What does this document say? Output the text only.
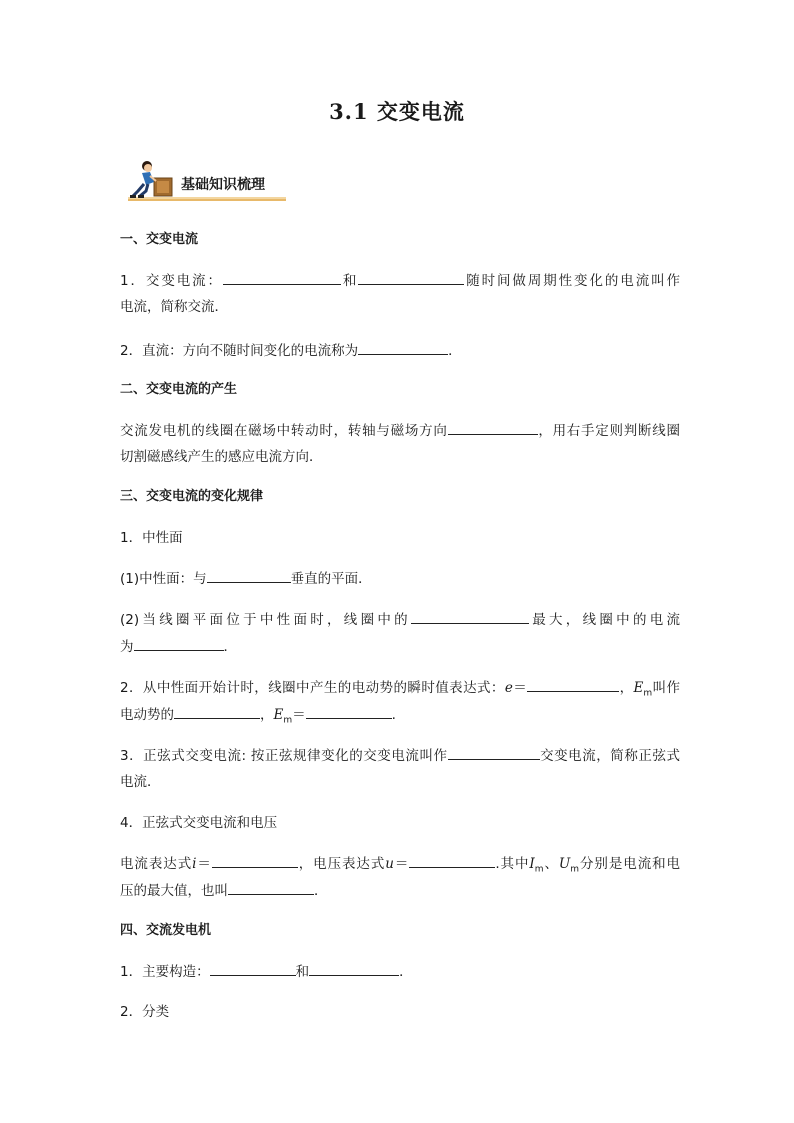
3.1 交变电流
基础知识梳理
一、交变电流
1．交变电流：	和	随时间做周期性变化的电流叫作
电流，简称交流．
2．直流：方向不随时间变化的电流称为	．
二、交变电流的产生
交流发电机的线圈在磁场中转动时，转轴与磁场方向	，用右手定则判断线圈
切割磁感线产生的感应电流方向．
三、交变电流的变化规律
1．中性面
(1)中性面：与	垂直的平面．
(2)当线圈平面位于中性面时，线圈中的	最大，线圈中的电流
为	．
2．从中性面开始计时，线圈中产生的电动势的瞬时值表达式：e＝	，$E_m$叫作
电动势的	，$E_m=$	.
3．正弦式交变电流: 按正弦规律变化的交变电流叫作	交变电流，简称正弦式
电流．
4．正弦式交变电流和电压
电流表达式i＝	，电压表达式u＝	.其中$I_m$、$U_m$分别是电流和电
压的最大值，也叫	．
四、交流发电机
1．主要构造：	和	．
2．分类
